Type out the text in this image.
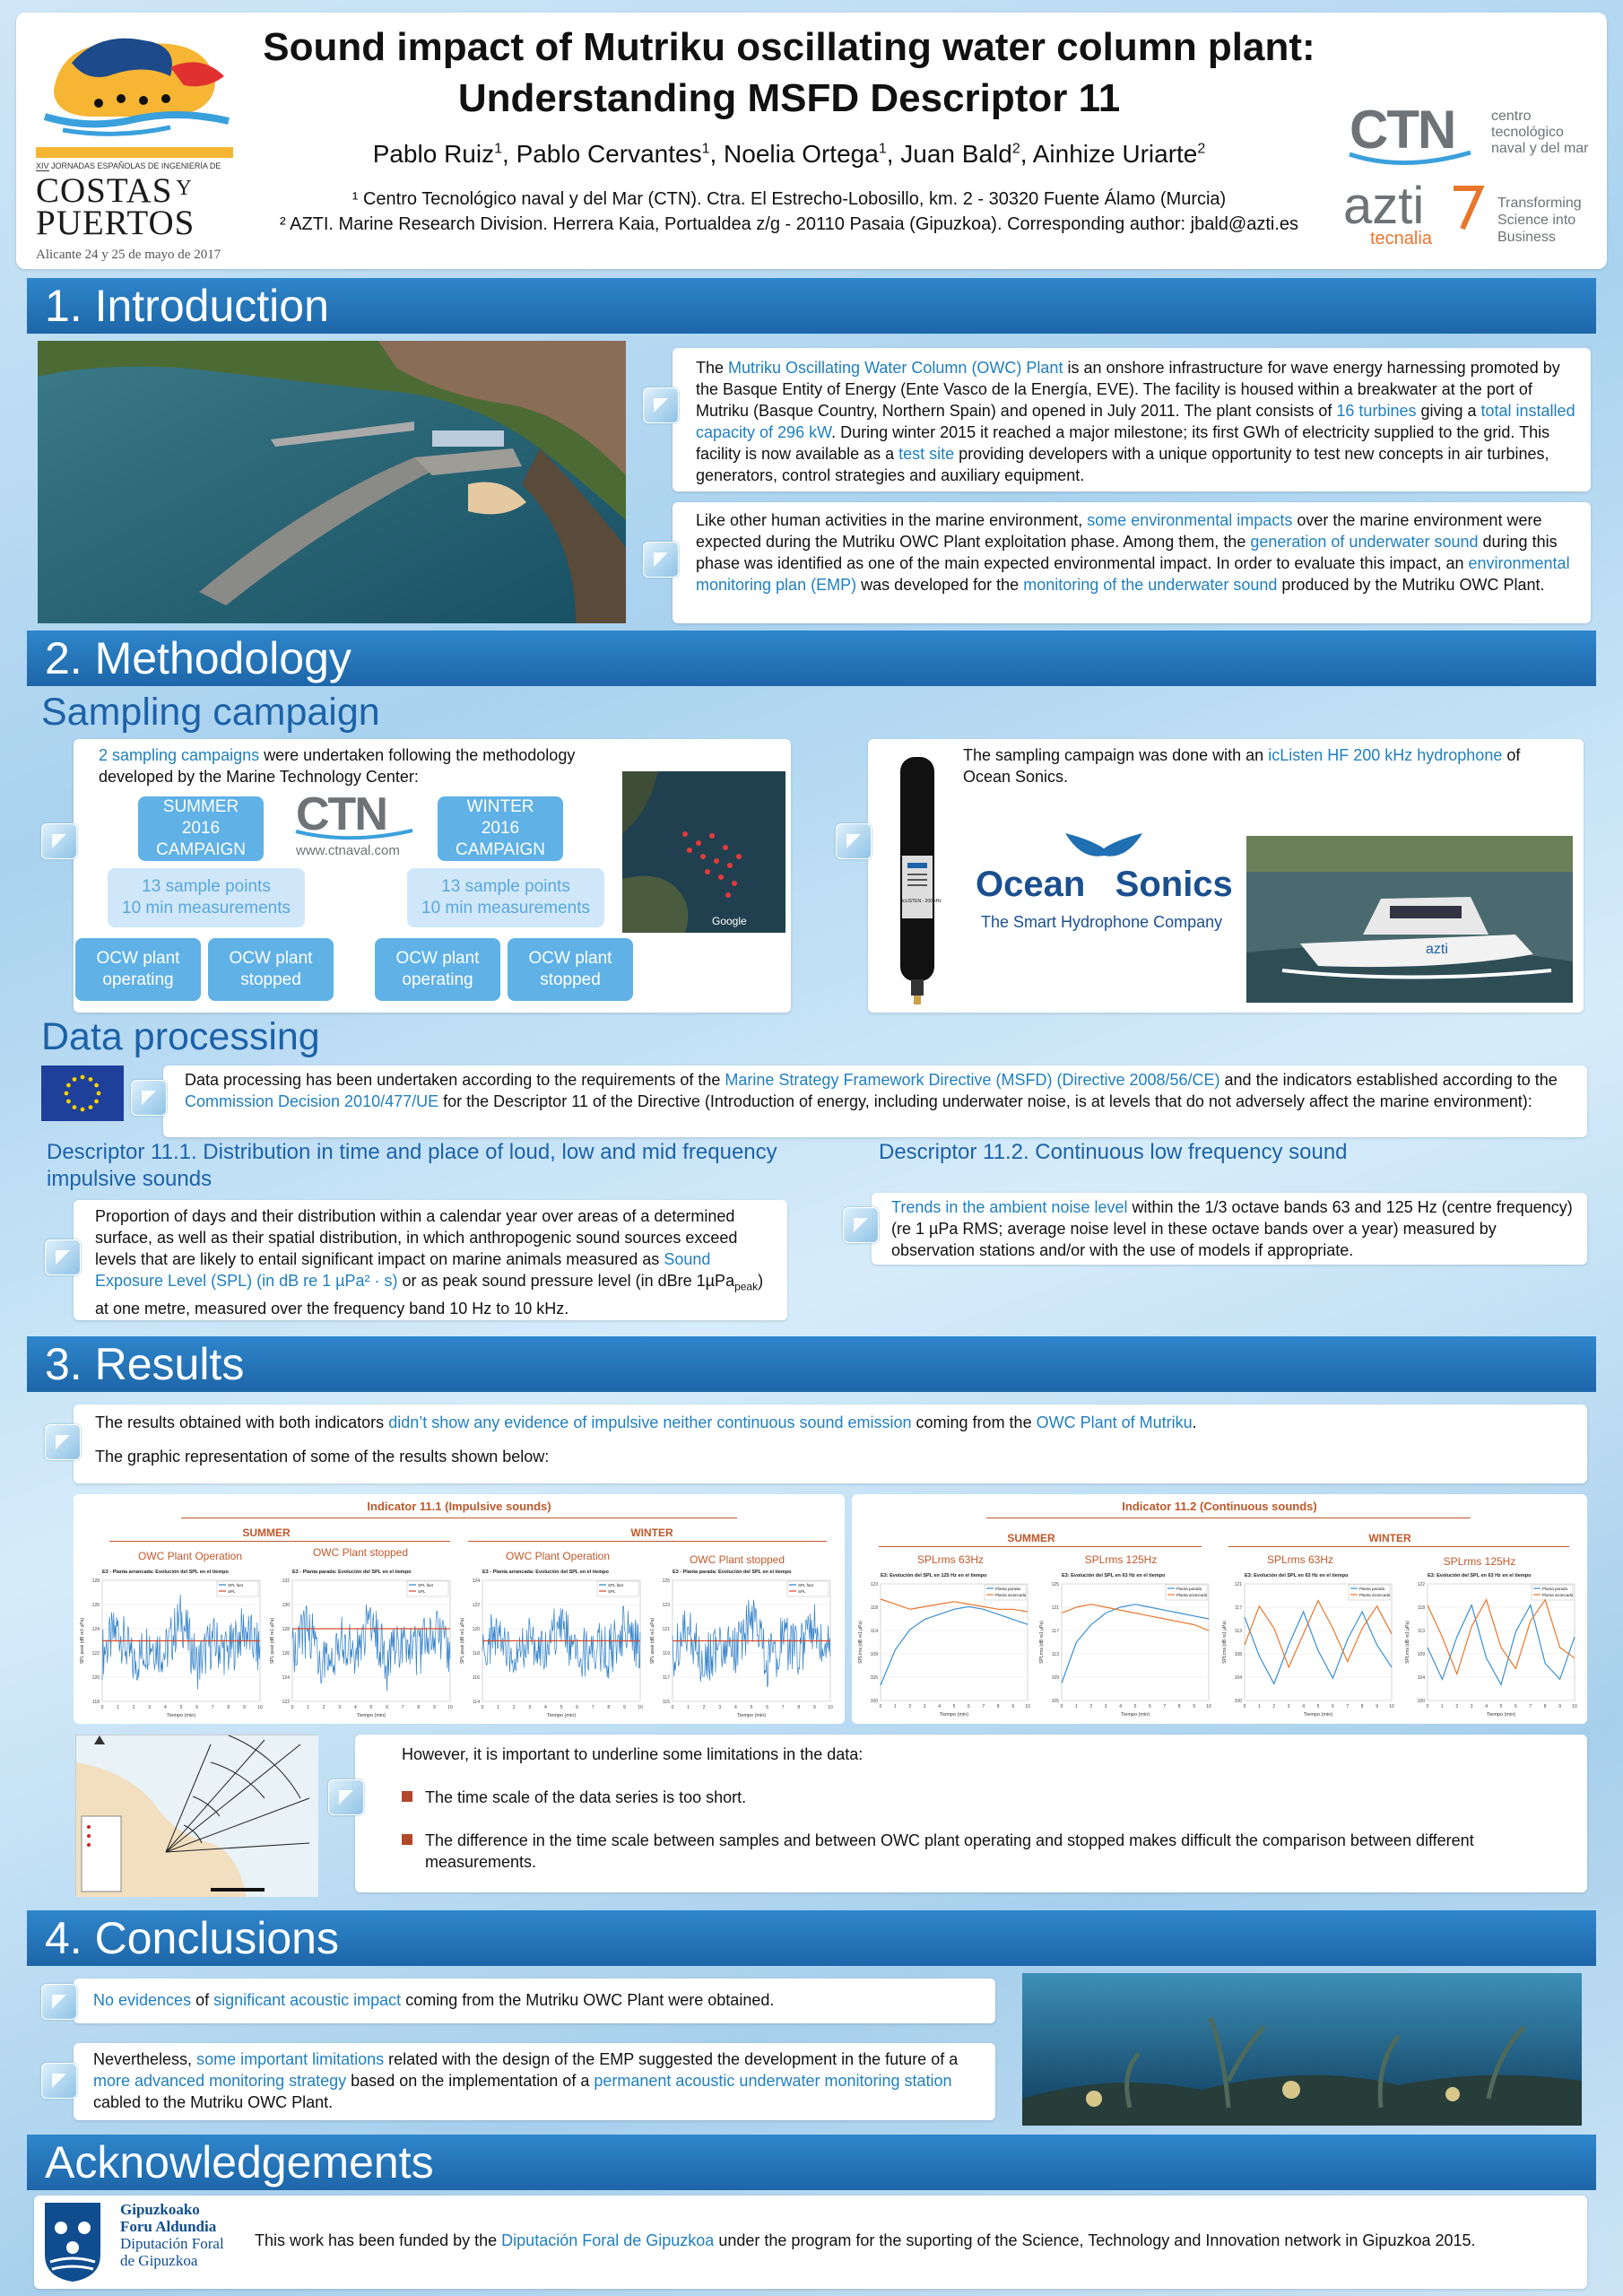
XIV JORNADAS ESPAÑOLAS DE INGENIERÍA DE
COSTAS $^Y$
PUERTOS
Alicante 24 y 25 de mayo de 2017
Sound impact of Mutriku oscillating water column plant:
Understanding MSFD Descriptor 11
Pablo Ruiz$^1$, Pablo Cervantes$^1$, Noelia Ortega$^1$, Juan Bald$^2$, Ainhize Uriarte$^2$
¹ Centro Tecnológico naval y del Mar (CTN). Ctra. El Estrecho-Lobosillo, km. 2 - 30320 Fuente Álamo (Murcia)
² AZTI. Marine Research Division. Herrera Kaia, Portualdea z/g - 20110 Pasaia (Gipuzkoa). Corresponding author: jbald@azti.es
CTN	centro
tecnológico
naval y del mar
azti
tecnalia
Transforming
Science into
Business
1. Introduction
The Mutriku Oscillating Water Column (OWC) Plant is an onshore infrastructure for wave energy harnessing promoted by the Basque Entity of Energy (Ente Vasco de la Energía, EVE). The facility is housed within a breakwater at the port of Mutriku (Basque Country, Northern Spain) and opened in July 2011. The plant consists of 16 turbines giving a total installed capacity of 296 kW. During winter 2015 it reached a major milestone; its first GWh of electricity supplied to the grid. This facility is now available as a test site providing developers with a unique opportunity to test new concepts in air turbines, generators, control strategies and auxiliary equipment.
Like other human activities in the marine environment, some environmental impacts over the marine environment were expected during the Mutriku OWC Plant exploitation phase. Among them, the generation of underwater sound during this phase was identified as one of the main expected environmental impact. In order to evaluate this impact, an environmental monitoring plan (EMP) was developed for the monitoring of the underwater sound produced by the Mutriku OWC Plant.
2. Methodology
Sampling campaign
2 sampling campaigns were undertaken following the methodology developed by the Marine Technology Center:
SUMMER 2016 CAMPAIGN
WINTER 2016 CAMPAIGN
CTN
www.ctnaval.com
13 sample points
10 min measurements
13 sample points
10 min measurements
OCW plant operating
OCW plant stopped
OCW plant operating
OCW plant stopped
Google
icLISTEN - 200 kHz
The sampling campaign was done with an icListen HF 200 kHz hydrophone of Ocean Sonics.
Ocean Sonics
The Smart Hydrophone Company
azti
Data processing
Data processing has been undertaken according to the requirements of the Marine Strategy Framework Directive (MSFD) (Directive 2008/56/CE) and the indicators established according to the Commission Decision 2010/477/UE for the Descriptor 11 of the Directive (Introduction of energy, including underwater noise, is at levels that do not adversely affect the marine environment):
Descriptor 11.1. Distribution in time and place of loud, low and mid frequency impulsive sounds
Proportion of days and their distribution within a calendar year over areas of a determined surface, as well as their spatial distribution, in which anthropogenic sound sources exceed levels that are likely to entail significant impact on marine animals measured as Sound Exposure Level (SPL) (in dB re 1 µPa² · s) or as peak sound pressure level (in dBre 1µPa$_{peak}$) at one metre, measured over the frequency band 10 Hz to 10 kHz.
Descriptor 11.2. Continuous low frequency sound
Trends in the ambient noise level within the 1/3 octave bands 63 and 125 Hz (centre frequency) (re 1 µPa RMS; average noise level in these octave bands over a year) measured by observation stations and/or with the use of models if appropriate.
3. Results
The results obtained with both indicators didn’t show any evidence of impulsive neither continuous sound emission coming from the OWC Plant of Mutriku.
The graphic representation of some of the results shown below:
Indicator 11.1 (Impulsive sounds)
SUMMER	WINTER
OWC Plant Operation	OWC Plant stopped	OWC Plant Operation	OWC Plant stopped
E3 - Planta arrancada: Evolución del SPL en el tiempo
128
126
124
122
120
118
0	1	2	3	4	5	6	7	8	9	10
Tiempo (min)
SPL peak (dB re1 µPa)
SPL fast
SPL
E3 - Planta parada: Evolución del SPL en el tiempo
132
130
128
126
124
122
0	1	2	3	4	5	6	7	8	9	10
Tiempo (min)
SPL peak (dB re1 µPa)
SPL fast
SPL
E3 - Planta arrancada: Evolución del SPL en el tiempo
124
122
120
118
116
114
0	1	2	3	4	5	6	7	8	9	10
Tiempo (min)
SPL peak (dB re1 µPa)
SPL fast
SPL
E3 - Planta parada: Evolución del SPL en el tiempo
125
123
121
119
117
115
0	1	2	3	4	5	6	7	8	9	10
Tiempo (min)
SPL peak (dB re1 µPa)
SPL fast
SPL
Indicator 11.2 (Continuous sounds)
SUMMER	WINTER
SPLrms 63Hz	SPLrms 125Hz	SPLrms 63Hz	SPLrms 125Hz
E3: Evolución del SPL en 125 Hz en el tiempo
123
118
114
109
105
100
0	1	2	3	4	5	6	7	8	9 10
Tiempo (min)
SPLrms (dB re1 µPa)
Planta parada
Planta arrancada
E3: Evolución del SPL en 63 Hz en el tiempo
125
121
117
113
109
105
0	1	2	3	4	5	6	7	8	9 10
Tiempo (min)
SPLrms (dB re1 µPa)
Planta parada
Planta arrancada
E3: Evolución del SPL en 63 Hz en el tiempo
121
117
113
108
104
100
0	1	2	3	4	5	6	7	8	9 10
Tiempo (min)
SPLrms (dB re1 µPa)
Planta parada
Planta arrancada
E3: Evolución del SPL en 63 Hz en el tiempo
122
118
113
109
104
100
0	1	2	3	4	5	6	7	8	9 10
Tiempo (min)
SPLrms (dB re1 µPa)
Planta parada
Planta arrancada
However, it is important to underline some limitations in the data:
The time scale of the data series is too short.
The difference in the time scale between samples and between OWC plant operating and stopped makes difficult the comparison between different measurements.
4. Conclusions
No evidences of significant acoustic impact coming from the Mutriku OWC Plant were obtained.
Nevertheless, some important limitations related with the design of the EMP suggested the development in the future of a more advanced monitoring strategy based on the implementation of a permanent acoustic underwater monitoring station cabled to the Mutriku OWC Plant.
Acknowledgements
Gipuzkoako
Foru Aldundia
Diputación Foral
de Gipuzkoa
This work has been funded by the Diputación Foral de Gipuzkoa under the program for the suporting of the Science, Technology and Innovation network in Gipuzkoa 2015.
